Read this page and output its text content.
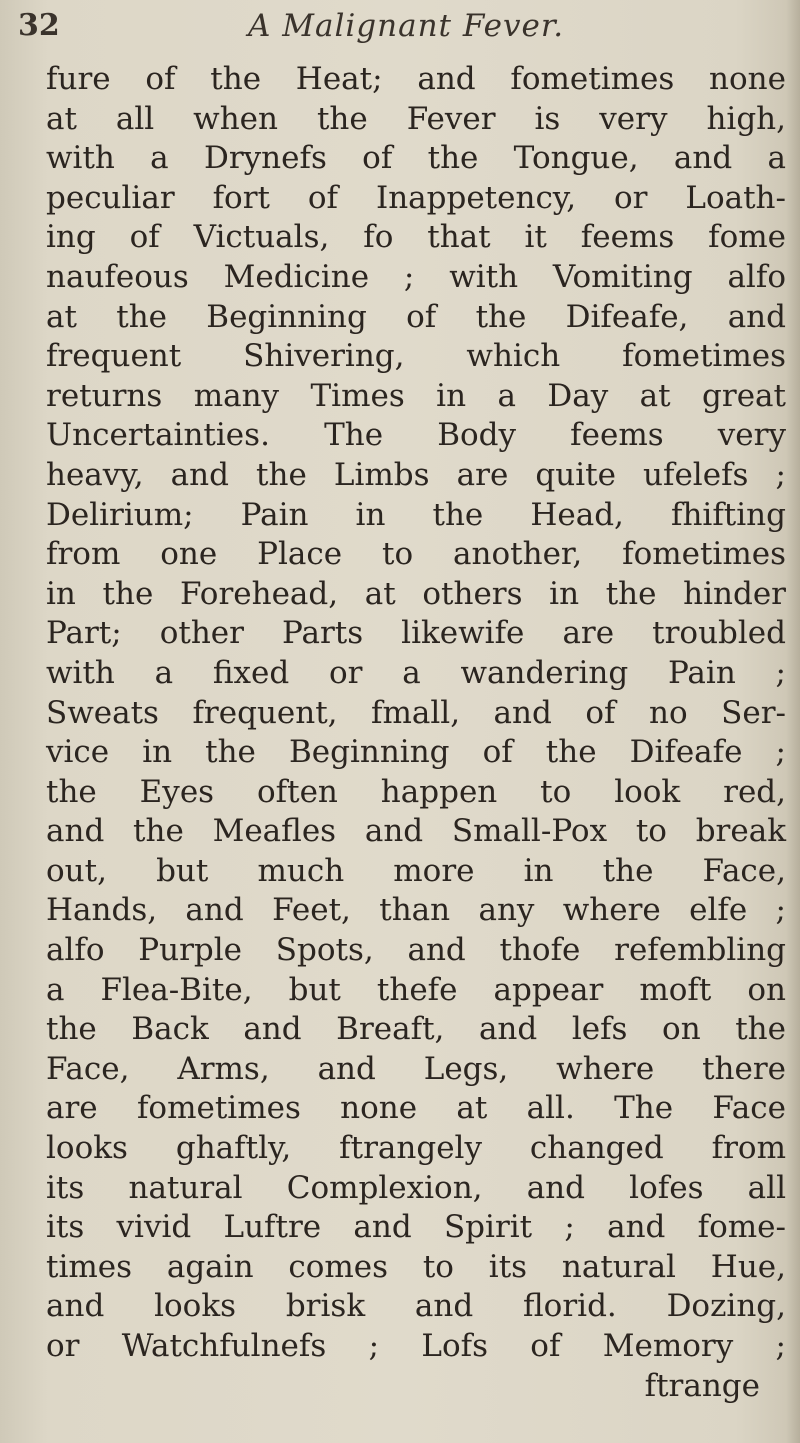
32	A Malignant Fever.
fure of the Heat; and fometimes none
at all when the Fever is very high,
with a Drynefs of the Tongue, and a
peculiar fort of Inappetency, or Loath-
ing of Victuals, fo that it feems fome
naufeous Medicine ; with Vomiting alfo
at the Beginning of the Difeafe, and
frequent Shivering, which fometimes
returns many Times in a Day at great
Uncertainties. The Body feems very
heavy, and the Limbs are quite ufelefs ;
Delirium; Pain in the Head, fhifting
from one Place to another, fometimes
in the Forehead, at others in the hinder
Part; other Parts likewife are troubled
with a fixed or a wandering Pain ;
Sweats frequent, fmall, and of no Ser-
vice in the Beginning of the Difeafe ;
the Eyes often happen to look red,
and the Meafles and Small-Pox to break
out, but much more in the Face,
Hands, and Feet, than any where elfe ;
alfo Purple Spots, and thofe refembling
a Flea-Bite, but thefe appear moft on
the Back and Breaft, and lefs on the
Face, Arms, and Legs, where there
are fometimes none at all. The Face
looks ghaftly, ftrangely changed from
its natural Complexion, and lofes all
its vivid Luftre and Spirit ; and fome-
times again comes to its natural Hue,
and looks brisk and florid. Dozing,
or Watchfulnefs ; Lofs of Memory ;
ftrange
